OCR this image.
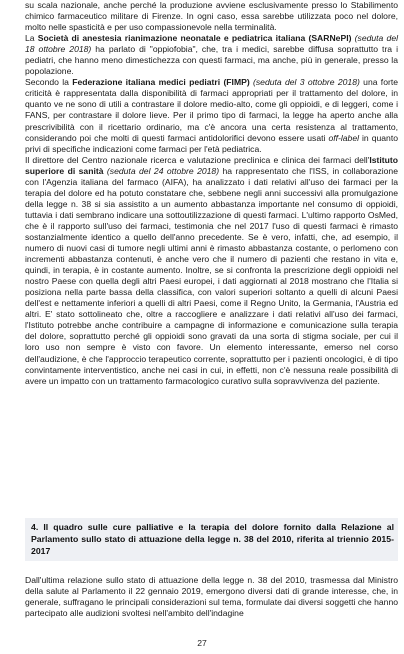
su scala nazionale, anche perché la produzione avviene esclusivamente presso lo Stabilimento chimico farmaceutico militare di Firenze. In ogni caso, essa sarebbe utilizzata poco nel dolore, molto nelle spasticità e per uso compassionevole nella terminalità.

La Società di anestesia rianimazione neonatale e pediatrica italiana (SARNePI) (seduta del 18 ottobre 2018) ha parlato di "oppiofobia", che, tra i medici, sarebbe diffusa soprattutto tra i pediatri, che hanno meno dimestichezza con questi farmaci, ma anche, più in generale, presso la popolazione.

Secondo la Federazione italiana medici pediatri (FIMP) (seduta del 3 ottobre 2018) una forte criticità è rappresentata dalla disponibilità di farmaci appropriati per il trattamento del dolore, in quanto ve ne sono di utili a contrastare il dolore medio-alto, come gli oppioidi, e di leggeri, come i FANS, per contrastare il dolore lieve. Per il primo tipo di farmaci, la legge ha aperto anche alla prescrivibilità con il ricettario ordinario, ma c'è ancora una certa resistenza al trattamento, considerando poi che molti di questi farmaci antidolorifici devono essere usati off-label in quanto privi di specifiche indicazioni come farmaci per l'età pediatrica.

Il direttore del Centro nazionale ricerca e valutazione preclinica e clinica dei farmaci dell'Istituto superiore di sanità (seduta del 24 ottobre 2018) ha rappresentato che l'ISS, in collaborazione con l'Agenzia italiana del farmaco (AIFA), ha analizzato i dati relativi all'uso dei farmaci per la terapia del dolore ed ha potuto constatare che, sebbene negli anni successivi alla promulgazione della legge n. 38 si sia assistito a un aumento abbastanza importante nel consumo di oppioidi, tuttavia i dati sembrano indicare una sottoutilizzazione di questi farmaci. L'ultimo rapporto OsMed, che è il rapporto sull'uso dei farmaci, testimonia che nel 2017 l'uso di questi farmaci è rimasto sostanzialmente identico a quello dell'anno precedente. Se è vero, infatti, che, ad esempio, il numero di nuovi casi di tumore negli ultimi anni è rimasto abbastanza costante, o perlomeno con incrementi abbastanza contenuti, è anche vero che il numero di pazienti che restano in vita e, quindi, in terapia, è in costante aumento. Inoltre, se si confronta la prescrizione degli oppioidi nel nostro Paese con quella degli altri Paesi europei, i dati aggiornati al 2018 mostrano che l'Italia si posiziona nella parte bassa della classifica, con valori superiori soltanto a quelli di alcuni Paesi dell'est e nettamente inferiori a quelli di altri Paesi, come il Regno Unito, la Germania, l'Austria ed altri. E' stato sottolineato che, oltre a raccogliere e analizzare i dati relativi all'uso dei farmaci, l'Istituto potrebbe anche contribuire a campagne di informazione e comunicazione sulla terapia del dolore, soprattutto perché gli oppioidi sono gravati da una sorta di stigma sociale, per cui il loro uso non sempre è visto con favore. Un elemento interessante, emerso nel corso dell'audizione, è che l'approccio terapeutico corrente, soprattutto per i pazienti oncologici, è di tipo convintamente interventistico, anche nei casi in cui, in effetti, non c'è nessuna reale possibilità di avere un impatto con un trattamento farmacologico curativo sulla sopravvivenza del paziente.

4. Il quadro sulle cure palliative e la terapia del dolore fornito dalla Relazione al Parlamento sullo stato di attuazione della legge n. 38 del 2010, riferita al triennio 2015-2017

Dall'ultima relazione sullo stato di attuazione della legge n. 38 del 2010, trasmessa dal Ministro della salute al Parlamento il 22 gennaio 2019, emergono diversi dati di grande interesse, che, in generale, suffragano le principali considerazioni sul tema, formulate dai diversi soggetti che hanno partecipato alle audizioni svoltesi nell'ambito dell'indagine

27
